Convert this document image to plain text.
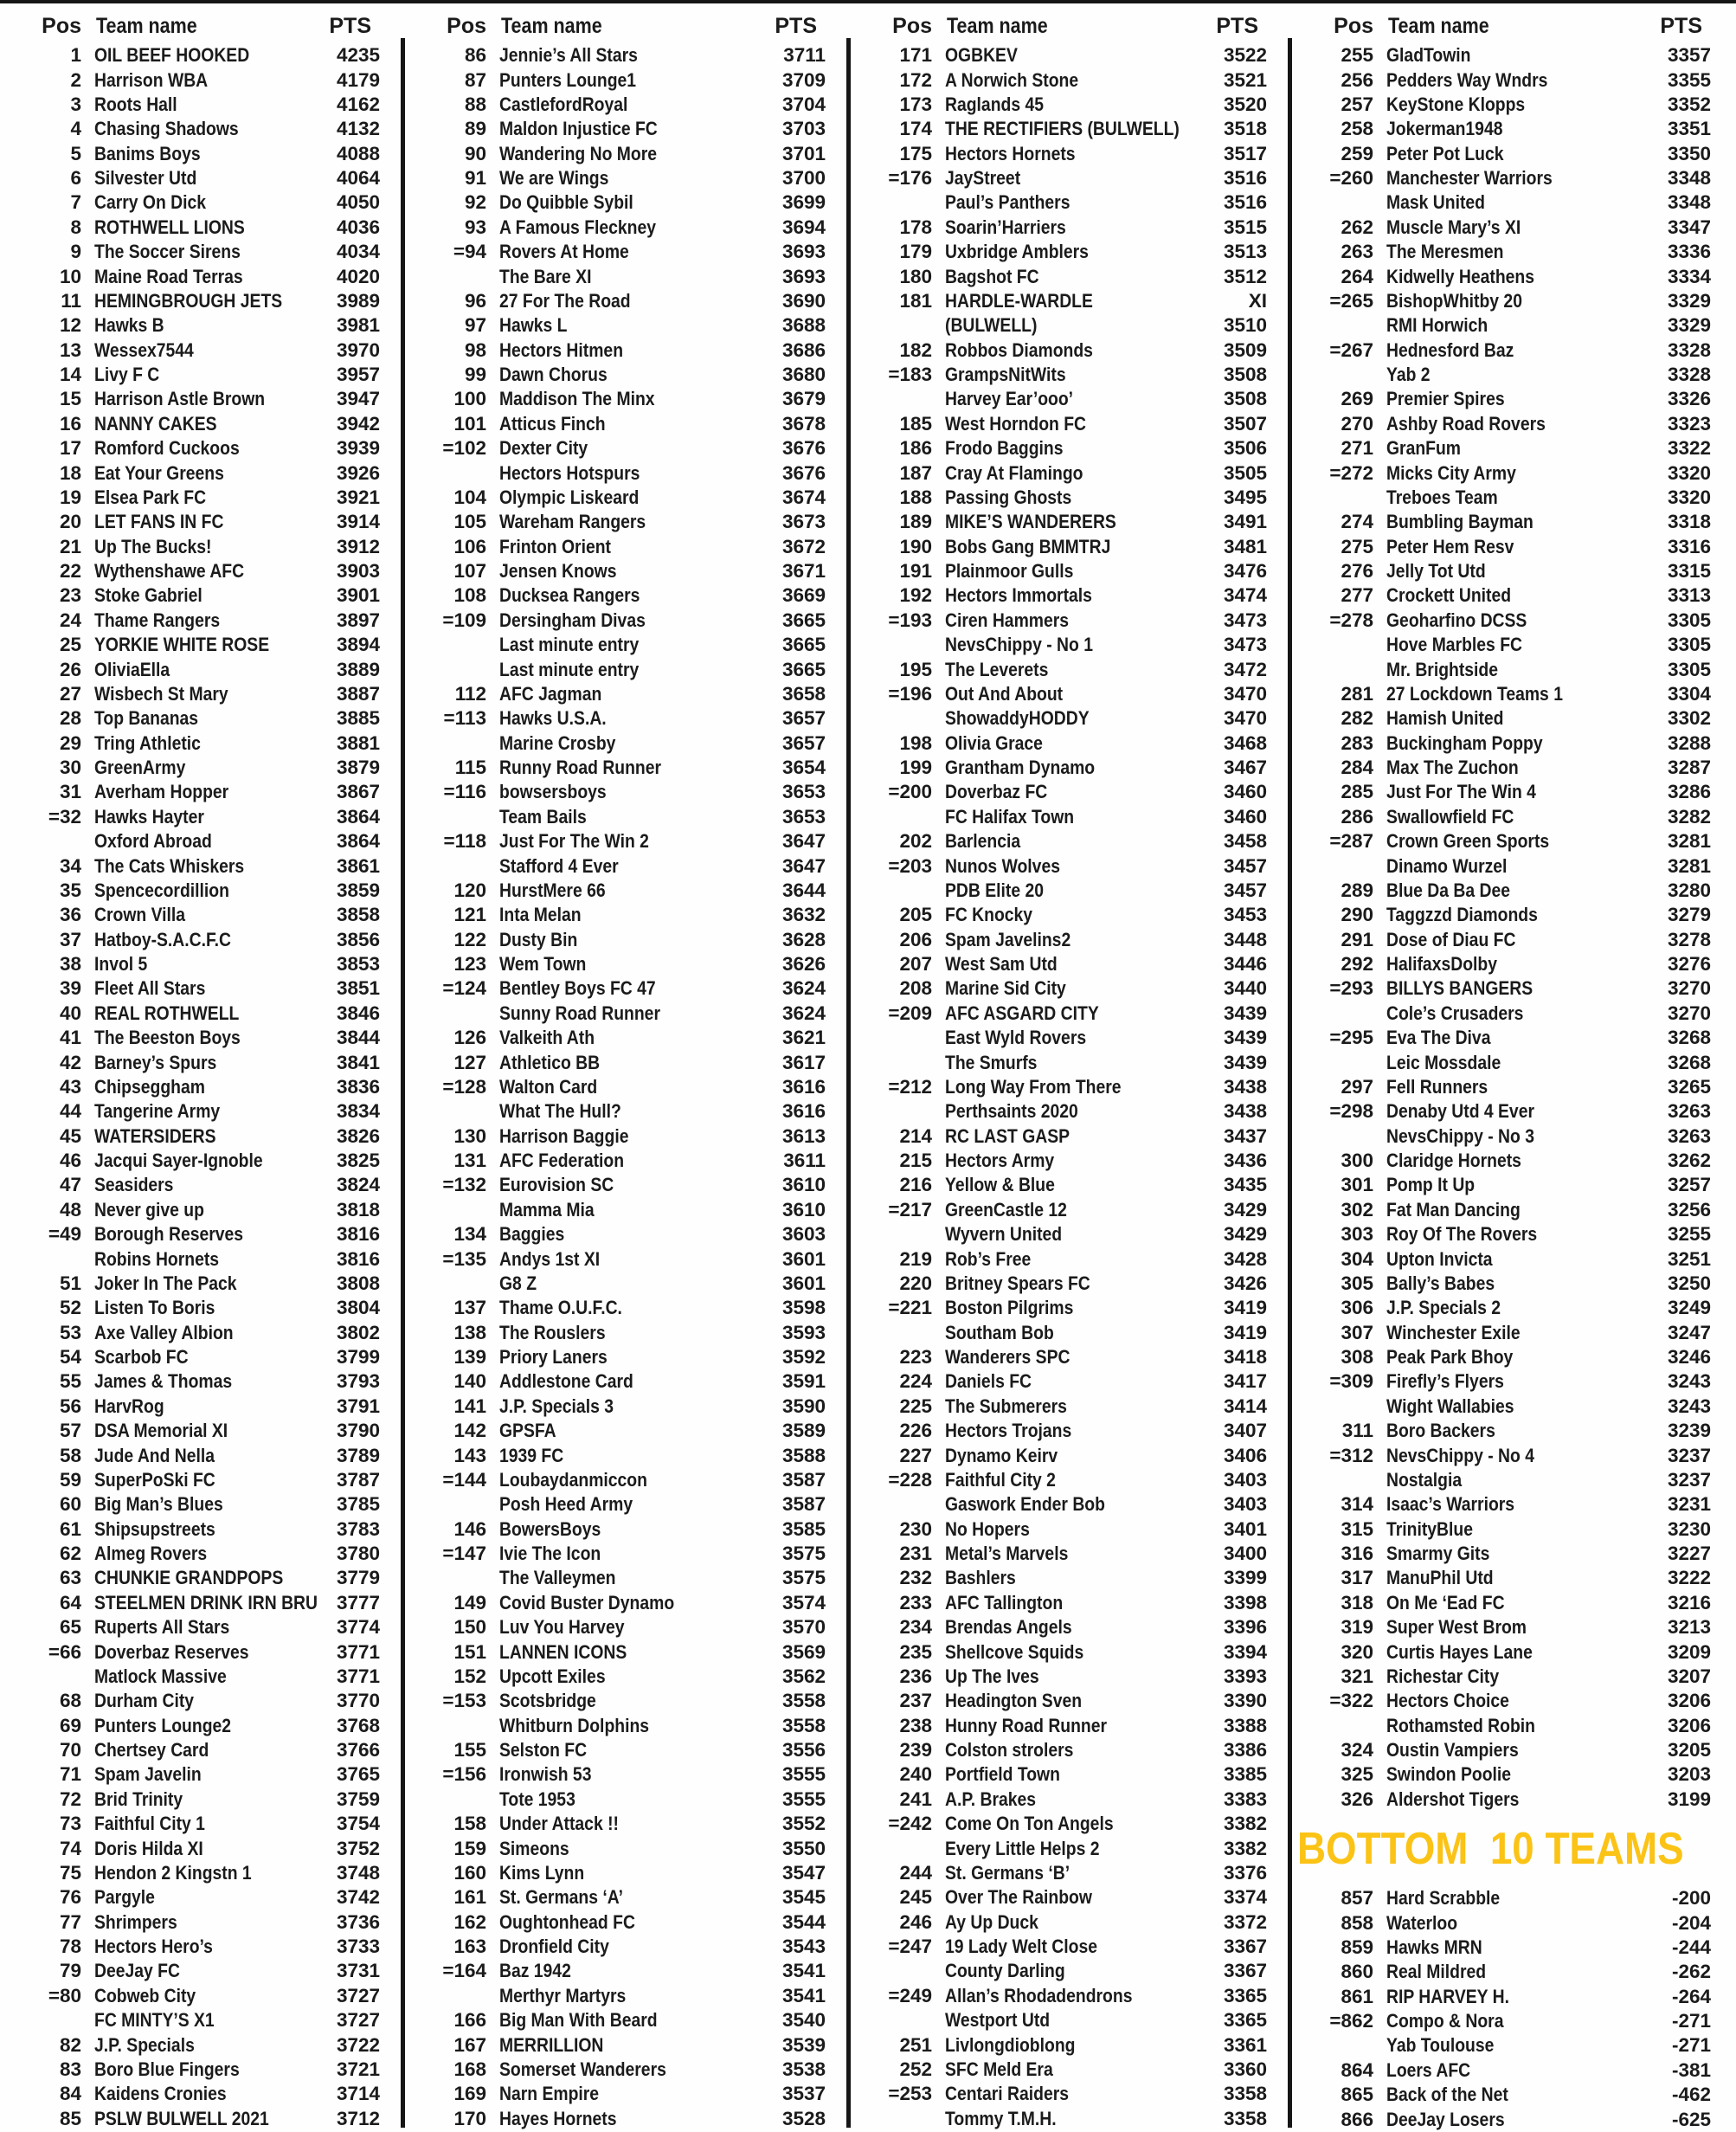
Pos Team name	PTS
1 OIL BEEF HOOKED	4235
2 Harrison WBA	4179
3 Roots Hall	4162
4 Chasing Shadows	4132
5 Banims Boys	4088
6 Silvester Utd	4064
7 Carry On Dick	4050
8 ROTHWELL LIONS	4036
9 The Soccer Sirens	4034
10 Maine Road Terras	4020
11 HEMINGBROUGH JETS	3989
12 Hawks B	3981
13 Wessex7544	3970
14 Livy F C	3957
15 Harrison Astle Brown	3947
16 NANNY CAKES	3942
17 Romford Cuckoos	3939
18 Eat Your Greens	3926
19 Elsea Park FC	3921
20 LET FANS IN FC	3914
21 Up The Bucks!	3912
22 Wythenshawe AFC	3903
23 Stoke Gabriel	3901
24 Thame Rangers	3897
25 YORKIE WHITE ROSE	3894
26 OliviaElla	3889
27 Wisbech St Mary	3887
28 Top Bananas	3885
29 Tring Athletic	3881
30 GreenArmy	3879
31 Averham Hopper	3867
=32 Hawks Hayter	3864
Oxford Abroad	3864
34 The Cats Whiskers	3861
35 Spencecordillion	3859
36 Crown Villa	3858
37 Hatboy-S.A.C.F.C	3856
38 Invol 5	3853
39 Fleet All Stars	3851
40 REAL ROTHWELL	3846
41 The Beeston Boys	3844
42 Barney’s Spurs	3841
43 Chipseggham	3836
44 Tangerine Army	3834
45 WATERSIDERS	3826
46 Jacqui Sayer-Ignoble	3825
47 Seasiders	3824
48 Never give up	3818
=49 Borough Reserves	3816
Robins Hornets	3816
51 Joker In The Pack	3808
52 Listen To Boris	3804
53 Axe Valley Albion	3802
54 Scarbob FC	3799
55 James & Thomas	3793
56 HarvRog	3791
57 DSA Memorial XI	3790
58 Jude And Nella	3789
59 SuperPoSki FC	3787
60 Big Man’s Blues	3785
61 Shipsupstreets	3783
62 Almeg Rovers	3780
63 CHUNKIE GRANDPOPS	3779
64 STEELMEN DRINK IRN BRU 3777
65 Ruperts All Stars	3774
=66 Doverbaz Reserves	3771
Matlock Massive	3771
68 Durham City	3770
69 Punters Lounge2	3768
70 Chertsey Card	3766
71 Spam Javelin	3765
72 Brid Trinity	3759
73 Faithful City 1	3754
74 Doris Hilda XI	3752
75 Hendon 2 Kingstn 1	3748
76 Pargyle	3742
77 Shrimpers	3736
78 Hectors Hero’s	3733
79 DeeJay FC	3731
=80 Cobweb City	3727
FC MINTY’S X1	3727
82 J.P. Specials	3722
83 Boro Blue Fingers	3721
84 Kaidens Cronies	3714
85 PSLW BULWELL 2021	3712
Pos Team name	PTS
86 Jennie’s All Stars	3711
87 Punters Lounge1	3709
88 CastlefordRoyal	3704
89 Maldon Injustice FC	3703
90 Wandering No More	3701
91 We are Wings	3700
92 Do Quibble Sybil	3699
93 A Famous Fleckney	3694
=94 Rovers At Home	3693
The Bare XI	3693
96 27 For The Road	3690
97 Hawks L	3688
98 Hectors Hitmen	3686
99 Dawn Chorus	3680
100 Maddison The Minx	3679
101 Atticus Finch	3678
=102 Dexter City	3676
Hectors Hotspurs	3676
104 Olympic Liskeard	3674
105 Wareham Rangers	3673
106 Frinton Orient	3672
107 Jensen Knows	3671
108 Ducksea Rangers	3669
=109 Dersingham Divas	3665
Last minute entry	3665
Last minute entry	3665
112 AFC Jagman	3658
=113 Hawks U.S.A.	3657
Marine Crosby	3657
115 Runny Road Runner	3654
=116 bowsersboys	3653
Team Bails	3653
=118 Just For The Win 2	3647
Stafford 4 Ever	3647
120 HurstMere 66	3644
121 Inta Melan	3632
122 Dusty Bin	3628
123 Wem Town	3626
=124 Bentley Boys FC 47	3624
Sunny Road Runner	3624
126 Valkeith Ath	3621
127 Athletico BB	3617
=128 Walton Card	3616
What The Hull?	3616
130 Harrison Baggie	3613
131 AFC Federation	3611
=132 Eurovision SC	3610
Mamma Mia	3610
134 Baggies	3603
=135 Andys 1st XI	3601
G8 Z	3601
137 Thame O.U.F.C.	3598
138 The Rouslers	3593
139 Priory Laners	3592
140 Addlestone Card	3591
141 J.P. Specials 3	3590
142 GPSFA	3589
143 1939 FC	3588
=144 Loubaydanmiccon	3587
Posh Heed Army	3587
146 BowersBoys	3585
=147 Ivie The Icon	3575
The Valleymen	3575
149 Covid Buster Dynamo	3574
150 Luv You Harvey	3570
151 LANNEN ICONS	3569
152 Upcott Exiles	3562
=153 Scotsbridge	3558
Whitburn Dolphins	3558
155 Selston FC	3556
=156 Ironwish 53	3555
Tote 1953	3555
158 Under Attack !!	3552
159 Simeons	3550
160 Kims Lynn	3547
161 St. Germans ‘A’	3545
162 Oughtonhead FC	3544
163 Dronfield City	3543
=164 Baz 1942	3541
Merthyr Martyrs	3541
166 Big Man With Beard	3540
167 MERRILLION	3539
168 Somerset Wanderers	3538
169 Narn Empire	3537
170 Hayes Hornets	3528
Pos Team name	PTS
171 OGBKEV	3522
172 A Norwich Stone	3521
173 Raglands 45	3520
174 THE RECTIFIERS (BULWELL)	3518
175 Hectors Hornets	3517
=176 JayStreet	3516
Paul’s Panthers	3516
178 Soarin’Harriers	3515
179 Uxbridge Amblers	3513
180 Bagshot FC	3512
181 HARDLE-WARDLE	XI
(BULWELL)	3510
182 Robbos Diamonds	3509
=183 GrampsNitWits	3508
Harvey Ear’ooo’	3508
185 West Horndon FC	3507
186 Frodo Baggins	3506
187 Cray At Flamingo	3505
188 Passing Ghosts	3495
189 MIKE’S WANDERERS	3491
190 Bobs Gang BMMTRJ	3481
191 Plainmoor Gulls	3476
192 Hectors Immortals	3474
=193 Ciren Hammers	3473
NevsChippy - No 1	3473
195 The Leverets	3472
=196 Out And About	3470
ShowaddyHODDY	3470
198 Olivia Grace	3468
199 Grantham Dynamo	3467
=200 Doverbaz FC	3460
FC Halifax Town	3460
202 Barlencia	3458
=203 Nunos Wolves	3457
PDB Elite 20	3457
205 FC Knocky	3453
206 Spam Javelins2	3448
207 West Sam Utd	3446
208 Marine Sid City	3440
=209 AFC ASGARD CITY	3439
East Wyld Rovers	3439
The Smurfs	3439
=212 Long Way From There	3438
Perthsaints 2020	3438
214 RC LAST GASP	3437
215 Hectors Army	3436
216 Yellow & Blue	3435
=217 GreenCastle 12	3429
Wyvern United	3429
219 Rob’s Free	3428
220 Britney Spears FC	3426
=221 Boston Pilgrims	3419
Southam Bob	3419
223 Wanderers SPC	3418
224 Daniels FC	3417
225 The Submerers	3414
226 Hectors Trojans	3407
227 Dynamo Keirv	3406
=228 Faithful City 2	3403
Gaswork Ender Bob	3403
230 No Hopers	3401
231 Metal’s Marvels	3400
232 Bashlers	3399
233 AFC Tallington	3398
234 Brendas Angels	3396
235 Shellcove Squids	3394
236 Up The Ives	3393
237 Headington Sven	3390
238 Hunny Road Runner	3388
239 Colston strolers	3386
240 Portfield Town	3385
241 A.P. Brakes	3383
=242 Come On Ton Angels	3382
Every Little Helps 2	3382
244 St. Germans ‘B’	3376
245 Over The Rainbow	3374
246 Ay Up Duck	3372
=247 19 Lady Welt Close	3367
County Darling	3367
=249 Allan’s Rhodadendrons	3365
Westport Utd	3365
251 Livlongdioblong	3361
252 SFC Meld Era	3360
=253 Centari Raiders	3358
Tommy T.M.H.	3358
Pos Team name	PTS
255 GladTowin	3357
256 Pedders Way Wndrs	3355
257 KeyStone Klopps	3352
258 Jokerman1948	3351
259 Peter Pot Luck	3350
=260 Manchester Warriors	3348
Mask United	3348
262 Muscle Mary’s XI	3347
263 The Meresmen	3336
264 Kidwelly Heathens	3334
=265 BishopWhitby 20	3329
RMI Horwich	3329
=267 Hednesford Baz	3328
Yab 2	3328
269 Premier Spires	3326
270 Ashby Road Rovers	3323
271 GranFum	3322
=272 Micks City Army	3320
Treboes Team	3320
274 Bumbling Bayman	3318
275 Peter Hem Resv	3316
276 Jelly Tot Utd	3315
277 Crockett United	3313
=278 Geoharfino DCSS	3305
Hove Marbles FC	3305
Mr. Brightside	3305
281 27 Lockdown Teams 1	3304
282 Hamish United	3302
283 Buckingham Poppy	3288
284 Max The Zuchon	3287
285 Just For The Win 4	3286
286 Swallowfield FC	3282
=287 Crown Green Sports	3281
Dinamo Wurzel	3281
289 Blue Da Ba Dee	3280
290 Taggzzd Diamonds	3279
291 Dose of Diau FC	3278
292 HalifaxsDolby	3276
=293 BILLYS BANGERS	3270
Cole’s Crusaders	3270
=295 Eva The Diva	3268
Leic Mossdale	3268
297 Fell Runners	3265
=298 Denaby Utd 4 Ever	3263
NevsChippy - No 3	3263
300 Claridge Hornets	3262
301 Pomp It Up	3257
302 Fat Man Dancing	3256
303 Roy Of The Rovers	3255
304 Upton Invicta	3251
305 Bally’s Babes	3250
306 J.P. Specials 2	3249
307 Winchester Exile	3247
308 Peak Park Bhoy	3246
=309 Firefly’s Flyers	3243
Wight Wallabies	3243
311 Boro Backers	3239
=312 NevsChippy - No 4	3237
Nostalgia	3237
314 Isaac’s Warriors	3231
315 TrinityBlue	3230
316 Smarmy Gits	3227
317 ManuPhil Utd	3222
318 On Me ‘Ead FC	3216
319 Super West Brom	3213
320 Curtis Hayes Lane	3209
321 Richestar City	3207
=322 Hectors Choice	3206
Rothamsted Robin	3206
324 Oustin Vampiers	3205
325 Swindon Poolie	3203
326 Aldershot Tigers	3199
BOTTOM  10 TEAMS
857 Hard Scrabble	-200
858 Waterloo	-204
859 Hawks MRN	-244
860 Real Mildred	-262
861 RIP HARVEY H.	-264
=862 Compo & Nora	-271
Yab Toulouse	-271
864 Loers AFC	-381
865 Back of the Net	-462
866 DeeJay Losers	-625
